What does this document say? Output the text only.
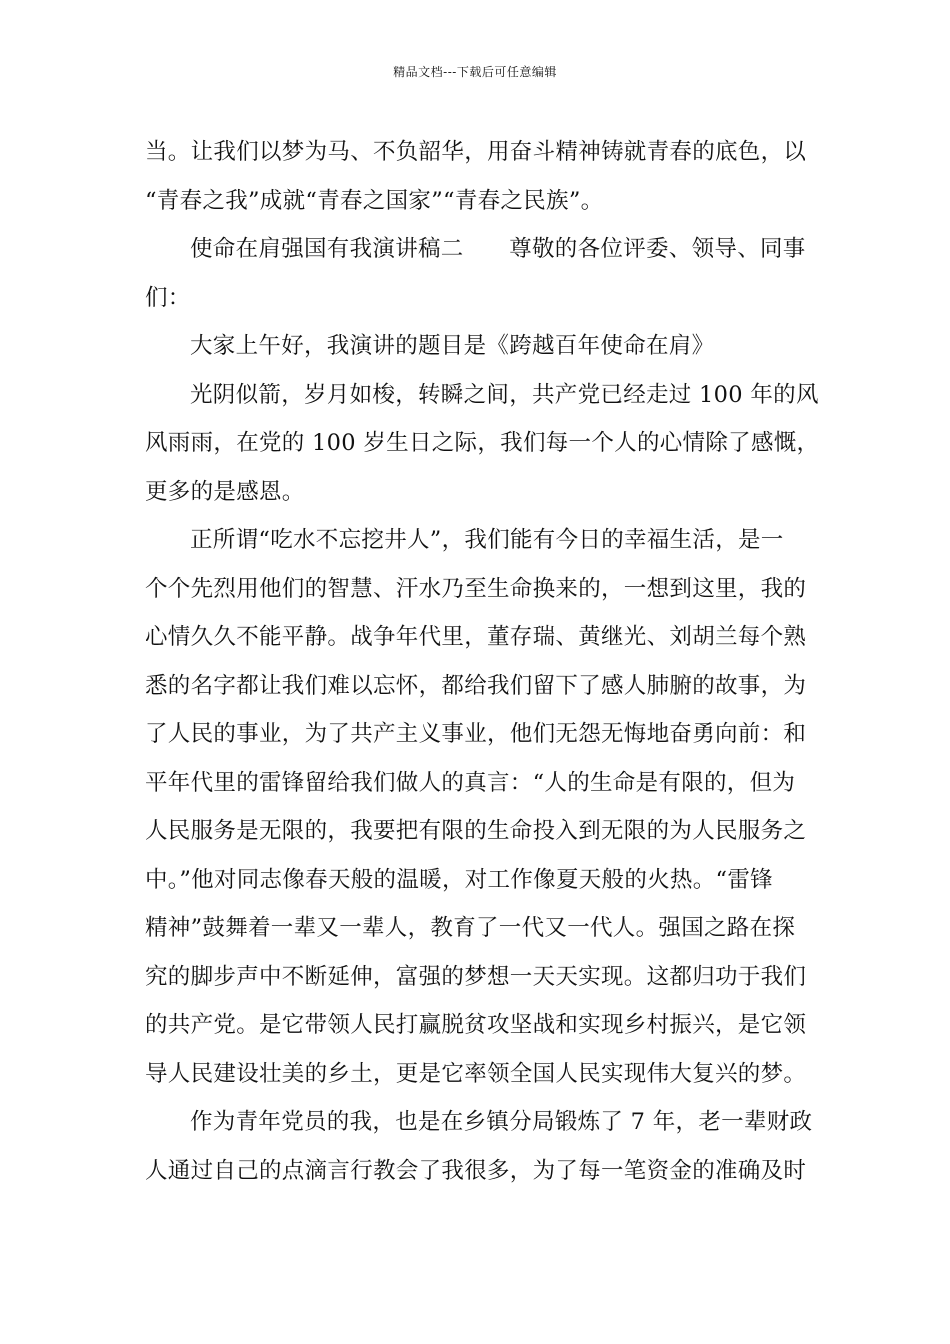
精品文档---下载后可任意编辑
当。让我们以梦为马、不负韶华，用奋斗精神铸就青春的底色，以
“青春之我”成就“青春之国家”“青春之民族”。
使命在肩强国有我演讲稿二　　尊敬的各位评委、领导、同事
们：
大家上午好，我演讲的题目是《跨越百年使命在肩》
光阴似箭，岁月如梭，转瞬之间，共产党已经走过 100 年的风
风雨雨，在党的 100 岁生日之际，我们每一个人的心情除了感慨，
更多的是感恩。
正所谓“吃水不忘挖井人”，我们能有今日的幸福生活，是一
个个先烈用他们的智慧、汗水乃至生命换来的，一想到这里，我的
心情久久不能平静。战争年代里，董存瑞、黄继光、刘胡兰每个熟
悉的名字都让我们难以忘怀，都给我们留下了感人肺腑的故事，为
了人民的事业，为了共产主义事业，他们无怨无悔地奋勇向前：和
平年代里的雷锋留给我们做人的真言：“人的生命是有限的，但为
人民服务是无限的，我要把有限的生命投入到无限的为人民服务之
中。”他对同志像春天般的温暖，对工作像夏天般的火热。“雷锋
精神”鼓舞着一辈又一辈人，教育了一代又一代人。强国之路在探
究的脚步声中不断延伸，富强的梦想一天天实现。这都归功于我们
的共产党。是它带领人民打赢脱贫攻坚战和实现乡村振兴，是它领
导人民建设壮美的乡土，更是它率领全国人民实现伟大复兴的梦。
作为青年党员的我，也是在乡镇分局锻炼了 7 年，老一辈财政
人通过自己的点滴言行教会了我很多，为了每一笔资金的准确及时
